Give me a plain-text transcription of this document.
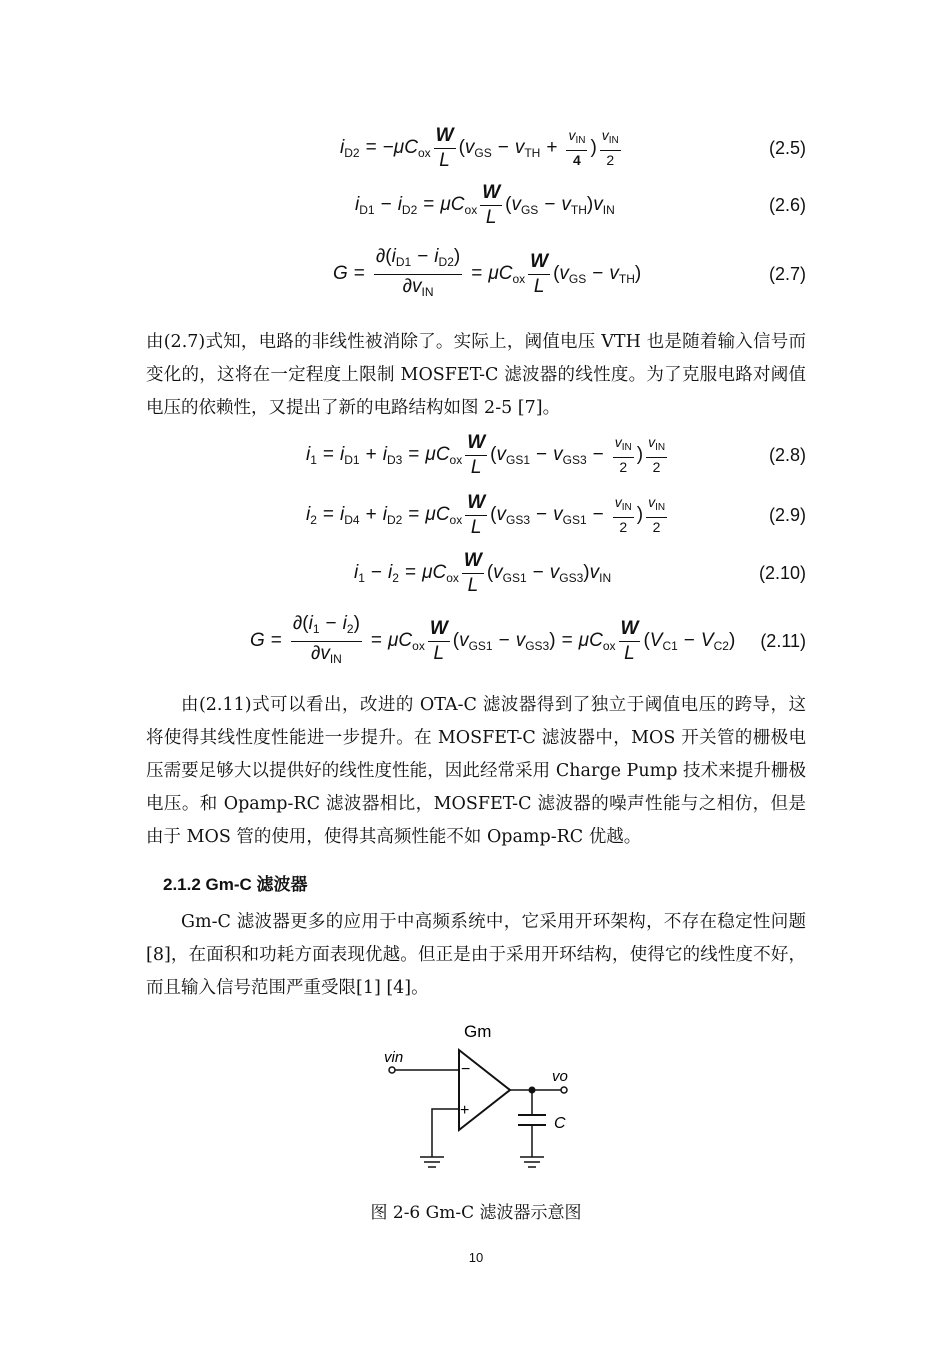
$i_{D2}$ = − $\mu C_{ox} \frac{W}{L}$ ( $v_{GS} - v_{TH} + \frac{v_{IN}}{4}$ ) $\frac{v_{IN}}{2}$	(2.5)
$i_{D1} - i_{D2} = \mu C_{ox} \frac{W}{L}$ ( $v_{GS} - v_{TH}$ ) $v_{IN}$	(2.6)
$G = \frac{\partial(i_{D1} - i_{D2})}{\partial v_{IN}} = \mu C_{ox} \frac{W}{L}$ ( $v_{GS} - v_{TH}$ )	(2.7)
由(2.7)式知，电路的非线性被消除了。实际上，阈值电压 VTH 也是随着输入信号而变化的，这将在一定程度上限制 MOSFET-C 滤波器的线性度。为了克服电路对阈值电压的依赖性，又提出了新的电路结构如图 2-5 [7]。
$i_1 = i_{D1} + i_{D3} = \mu C_{ox} \frac{W}{L}$ ( $v_{GS1} - v_{GS3} - \frac{v_{IN}}{2}$ ) $\frac{v_{IN}}{2}$	(2.8)
$i_2 = i_{D4} + i_{D2} = \mu C_{ox} \frac{W}{L}$ ( $v_{GS3} - v_{GS1} - \frac{v_{IN}}{2}$ ) $\frac{v_{IN}}{2}$	(2.9)
$i_1 - i_2 = \mu C_{ox} \frac{W}{L}$ ( $v_{GS1} - v_{GS3}$ ) $v_{IN}$	(2.10)
$G = \frac{\partial(i_1 - i_2)}{\partial v_{IN}} = \mu C_{ox} \frac{W}{L}$ ( $v_{GS1} - v_{GS3}$ ) = $\mu C_{ox} \frac{W}{L}$ ( $V_{C1} - V_{C2}$ ) (2.11)
由(2.11)式可以看出，改进的 OTA-C 滤波器得到了独立于阈值电压的跨导，这将使得其线性度性能进一步提升。在 MOSFET-C 滤波器中，MOS 开关管的栅极电压需要足够大以提供好的线性度性能，因此经常采用 Charge Pump 技术来提升栅极电压。和 Opamp-RC 滤波器相比，MOSFET-C 滤波器的噪声性能与之相仿，但是由于 MOS 管的使用，使得其高频性能不如 Opamp-RC 优越。
2.1.2 Gm-C 滤波器
Gm-C 滤波器更多的应用于中高频系统中，它采用开环架构，不存在稳定性问题[8]，在面积和功耗方面表现优越。但正是由于采用开环结构，使得它的线性度不好，而且输入信号范围严重受限[1] [4]。
Gm
−
+
vin
vo
C
图 2-6 Gm-C 滤波器示意图
10
